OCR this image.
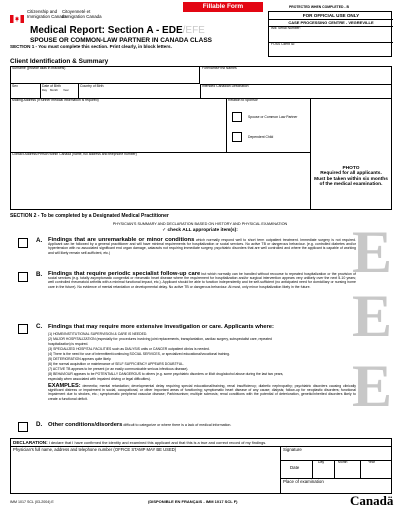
Citizenship and
Immigration Canada
Citoyenneté et
Immigration Canada
PROTECTED WHEN COMPLETED - B
Fillable Form
Medical Report: Section A - EDE/EFE
SPOUSE OR COMMON-LAW PARTNER IN CANADA CLASS
SECTION 1 - You must complete this section. Print clearly, in block letters.
FOR OFFICIAL USE ONLY
CASE PROCESSING CENTRE - VEGREVILLE
IME Serial Number:
FOSS Client ID:
Client Identification & Summary
Surname (provide alias in brackets)	Forename/First Names
Sex	Date of Birth
Day Month Year
Country of Birth	Intended Canadian Destination
Mailing Address (if further medical information is required)	Relation to Sponsor
Spouse or Common Law Partner
Dependent Child
Contact Address/Person within Canada (name, full address and telephone number)
PHOTO
Required for all applicants.
Must be taken within six months
of the medical examination.
SECTION 2 - To be completed by a Designated Medical Practitioner
PHYSICIAN'S SUMMARY AND DECLARATION BASED ON HISTORY AND PHYSICAL EXAMINATION
✓ check ALL appropriate item(s):	E
E
E
A. Findings that are unremarkable or minor conditions which normally respond well to short term outpatient treatment. Immediate surgery is not required. Applicant can be followed by a general practitioner and will have minimal requirements for hospitalization or social services. No active TB or dangerous behaviour. (e.g. controlled diabetes and/or hypertension with no associated significant end organ damage, cataracts not requiring immediate surgery, psychiatric disorders that are well controlled and where the applicant is capable of working and will likely remain self-sufficient, etc.)
B. Findings that require periodic specialist follow-up care but which normally can be handled without recourse to repeated hospitalization or the provision of social services (e.g. totally asymptomatic congenital or rheumatic heart disease where the requirement for hospitalization and/or surgical intervention appears very unlikely over the next 5-10 years; well controlled rheumatoid arthritis with a minimal functional impact, etc.). Applicant should be able to function independently and be self-sufficient (no anticipated need for domiciliary or nursing home care in the future). No evidence of mental retardation or developmental delay. No active TB or dangerous behaviour. At most, only minor hospitalization likely in the future.
C. Findings that may require more extensive investigation or care. Applicants where:
(1) HOME/INSTITUTIONAL SUPERVISION & CARE IS NEEDED.
(2) MAJOR HOSPITALIZATION (especially for: procedures involving joint replacements, transplantation, cardiac surgery, subspecialist care, repeated
hospitalization) is required.
(3) SPECIALIZED HOSPITAL FACILITIES such as DIALYSIS units or CANCER outpatient clinics is needed.
(4) There is the need for use of intermittent/continuing SOCIAL SERVICES, or specialized educational/vocational training.
(5) DETERIORATION appears quite likely.
(6) the normal acquisition or maintenance of SELF SUFFICIENCY APPEARS DOUBTFUL.
(7) ACTIVE TB appears to be present (or an easily communicable serious infectious disease).
(8) BEHAVIOUR appears to be POTENTIALLY DANGEROUS to others (e.g. some psychiatric disorders or illicit drug/alcohol abuse during the last two years,
especially when associated with impaired driving or legal difficulties).
EXAMPLES: dementia; mental retardation; developmental delay requiring special educational/training, renal insufficiency; diabetic nephropathy; psychiatric disorders causing clinically significant distress or impairment in social, occupational, or other important areas of functioning; symptomatic heart disease of any cause; dialysis; follow-up for neoplastic disorders; functional impairment due to strokes, etc.; symptomatic peripheral vascular disease; Parkinsonism; multiple sclerosis; renal conditions with the potential of deterioration, genetic/inherited disorders likely to create a functional deficit.
D. Other conditions/disorders difficult to categorize or where there is a lack of medical information.
DECLARATION: I declare that I have confirmed the identity and examined this applicant and that this is a true and correct record of my findings.
Physician's full name, address and telephone number (OFFICE STAMP MAY BE USED)	Signature
Date
Day	Month	Year
Place of examination
IMM 1017 SCL (03-2004) E	(DISPONIBLE EN FRANÇAIS - IMM 1017 SCL F)	Canadä
